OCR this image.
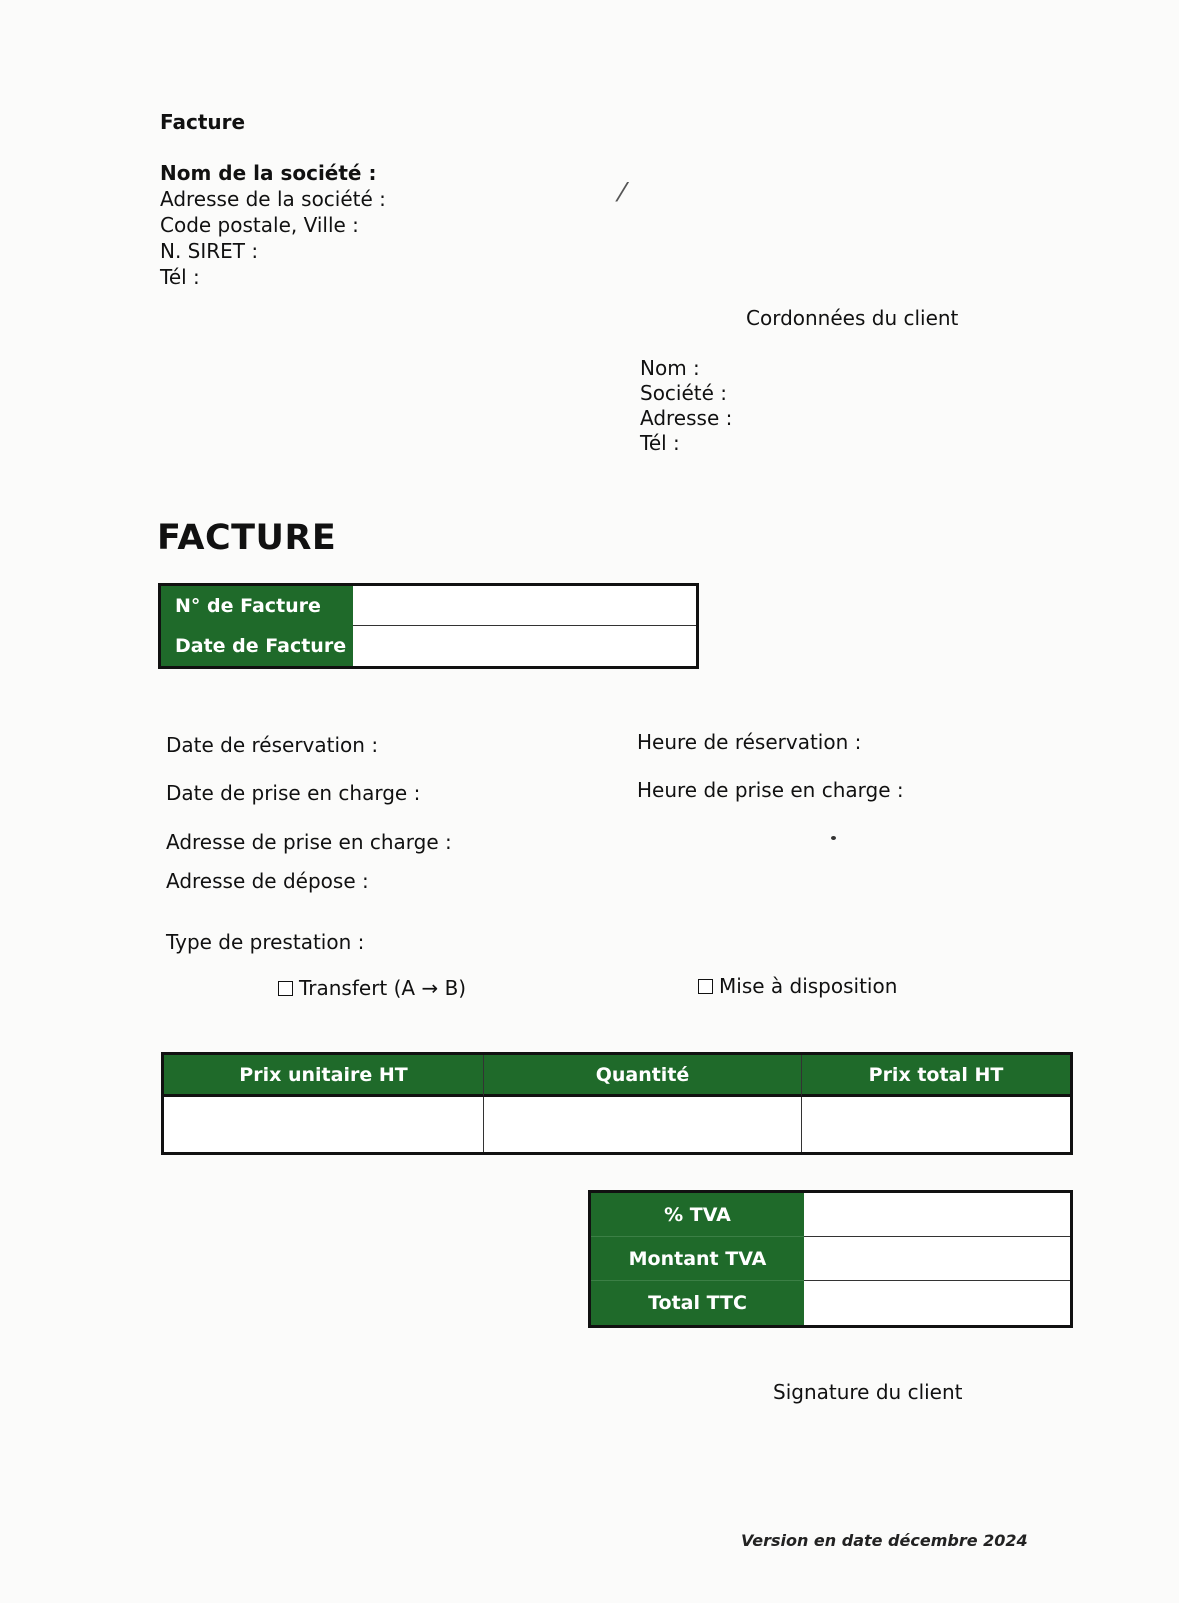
Facture
Nom de la société :
Adresse de la société :
Code postale, Ville :
N. SIRET :
Tél :
⁄
Cordonnées du client
Nom :
Société :
Adresse :
Tél :
FACTURE
N° de Facture
Date de Facture
Date de réservation :	Heure de réservation :
Date de prise en charge :	Heure de prise en charge :
Adresse de prise en charge :
Adresse de dépose :
Type de prestation :
Transfert (A → B)	Mise à disposition
Prix unitaire HT	Quantité	Prix total HT
% TVA
Montant TVA
Total TTC
Signature du client
Version en date décembre 2024
